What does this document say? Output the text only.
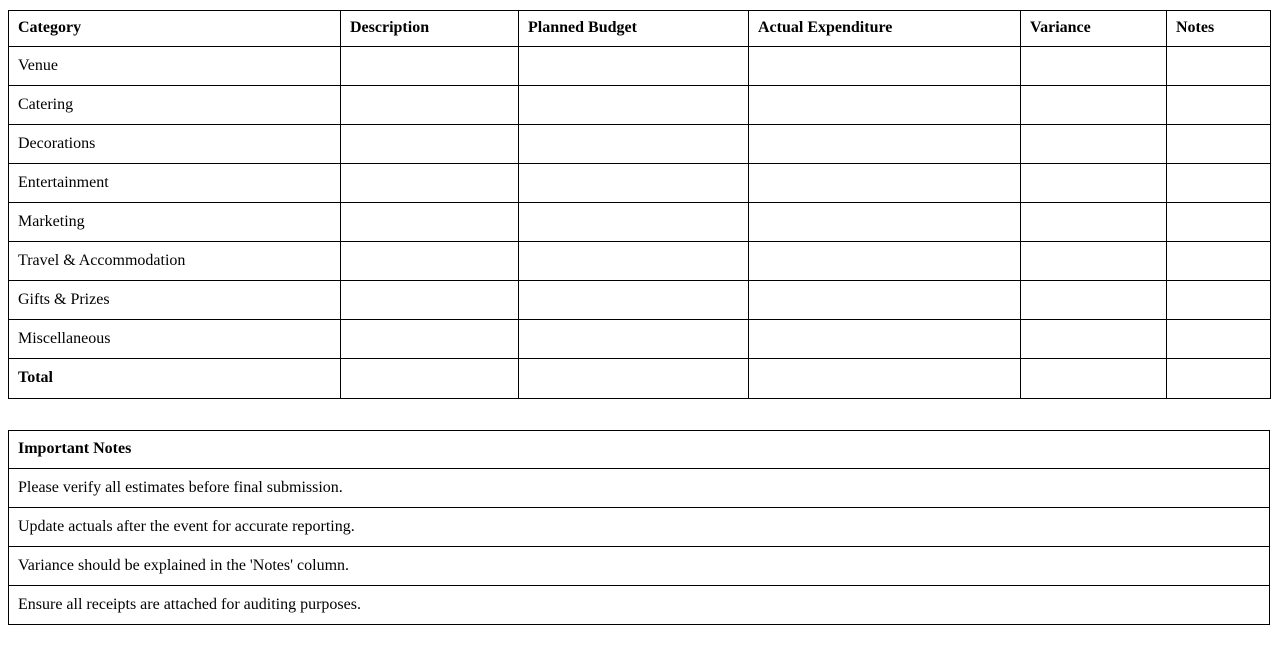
Category	Description	Planned Budget	Actual Expenditure	Variance	Notes
Venue					
Catering					
Decorations					
Entertainment					
Marketing					
Travel & Accommodation					
Gifts & Prizes					
Miscellaneous					
Total					
Important Notes
Please verify all estimates before final submission.
Update actuals after the event for accurate reporting.
Variance should be explained in the 'Notes' column.
Ensure all receipts are attached for auditing purposes.
